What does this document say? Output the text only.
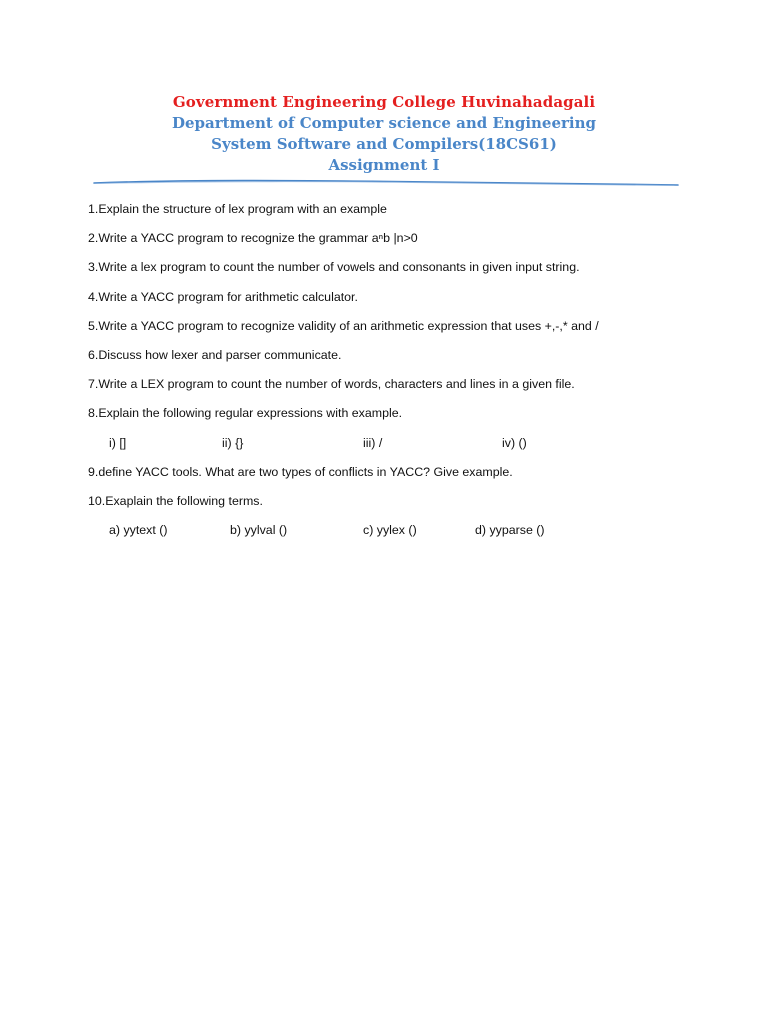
Government Engineering College Huvinahadagali
Department of Computer science and Engineering
System Software and Compilers(18CS61)
Assignment I
1.Explain the structure of lex program with an example
2.Write a YACC program to recognize the grammar aⁿb |n>0
3.Write a lex program to count the number of vowels and consonants in given input string.
4.Write a YACC program for arithmetic calculator.
5.Write a YACC program to recognize validity of an arithmetic expression that uses +,-,* and /
6.Discuss how lexer and parser communicate.
7.Write a LEX program to count the number of words, characters and lines in a given file.
8.Explain the following regular expressions with example.
i) []	ii) {}	iii) /	iv) ()
9.define YACC tools. What are two types of conflicts in YACC? Give example.
10.Exaplain the following terms.
a) yytext ()	b) yylval ()	c) yylex ()	d) yyparse ()
